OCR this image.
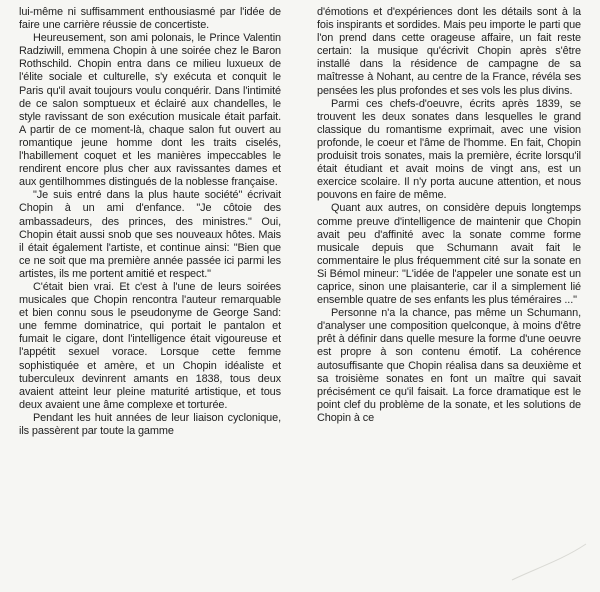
lui-même ni suffisamment enthousiasmé par l'idée de faire une carrière réussie de concertiste.

Heureusement, son ami polonais, le Prince Valentin Radziwill, emmena Chopin à une soirée chez le Baron Rothschild. Chopin entra dans ce milieu luxueux de l'élite sociale et culturelle, s'y exécuta et conquit le Paris qu'il avait toujours voulu conquérir. Dans l'intimité de ce salon somptueux et éclairé aux chandelles, le style ravissant de son exécution musicale était parfait. A partir de ce moment-là, chaque salon fut ouvert au romantique jeune homme dont les traits ciselés, l'habillement coquet et les manières impeccables le rendirent encore plus cher aux ravissantes dames et aux gentilhommes distingués de la noblesse française.

"Je suis entré dans la plus haute société" écrivait Chopin à un ami d'enfance. "Je côtoie des ambassadeurs, des princes, des ministres." Oui, Chopin était aussi snob que ses nouveaux hôtes. Mais il était également l'artiste, et continue ainsi: "Bien que ce ne soit que ma première année passée ici parmi les artistes, ils me portent amitié et respect."

C'était bien vrai. Et c'est à l'une de leurs soirées musicales que Chopin rencontra l'auteur remarquable et bien connu sous le pseudonyme de George Sand: une femme dominatrice, qui portait le pantalon et fumait le cigare, dont l'intelligence était vigoureuse et l'appétit sexuel vorace. Lorsque cette femme sophistiquée et amère, et un Chopin idéaliste et tuberculeux devinrent amants en 1838, tous deux avaient atteint leur pleine maturité artistique, et tous deux avaient une âme complexe et torturée.

Pendant les huit années de leur liaison cyclonique, ils passèrent par toute la gamme

d'émotions et d'expériences dont les détails sont à la fois inspirants et sordides. Mais peu importe le parti que l'on prend dans cette orageuse affaire, un fait reste certain: la musique qu'écrivit Chopin après s'être installé dans la résidence de campagne de sa maîtresse à Nohant, au centre de la France, révéla ses pensées les plus profondes et ses vols les plus divins.

Parmi ces chefs-d'oeuvre, écrits après 1839, se trouvent les deux sonates dans lesquelles le grand classique du romantisme exprimait, avec une vision profonde, le coeur et l'âme de l'homme. En fait, Chopin produisit trois sonates, mais la première, écrite lorsqu'il était étudiant et avait moins de vingt ans, est un exercice scolaire. Il n'y porta aucune attention, et nous pouvons en faire de même.

Quant aux autres, on considère depuis longtemps comme preuve d'intelligence de maintenir que Chopin avait peu d'affinité avec la sonate comme forme musicale depuis que Schumann avait fait le commentaire le plus fréquemment cité sur la sonate en Si Bémol mineur: "L'idée de l'appeler une sonate est un caprice, sinon une plaisanterie, car il a simplement lié ensemble quatre de ses enfants les plus téméraires ..."

Personne n'a la chance, pas même un Schumann, d'analyser une composition quelconque, à moins d'être prêt à définir dans quelle mesure la forme d'une oeuvre est propre à son contenu émotif. La cohérence autosuffisante que Chopin réalisa dans sa deuxième et sa troisième sonates en font un maître qui savait précisément ce qu'il faisait. La force dramatique est le point clef du problème de la sonate, et les solutions de Chopin à ce
